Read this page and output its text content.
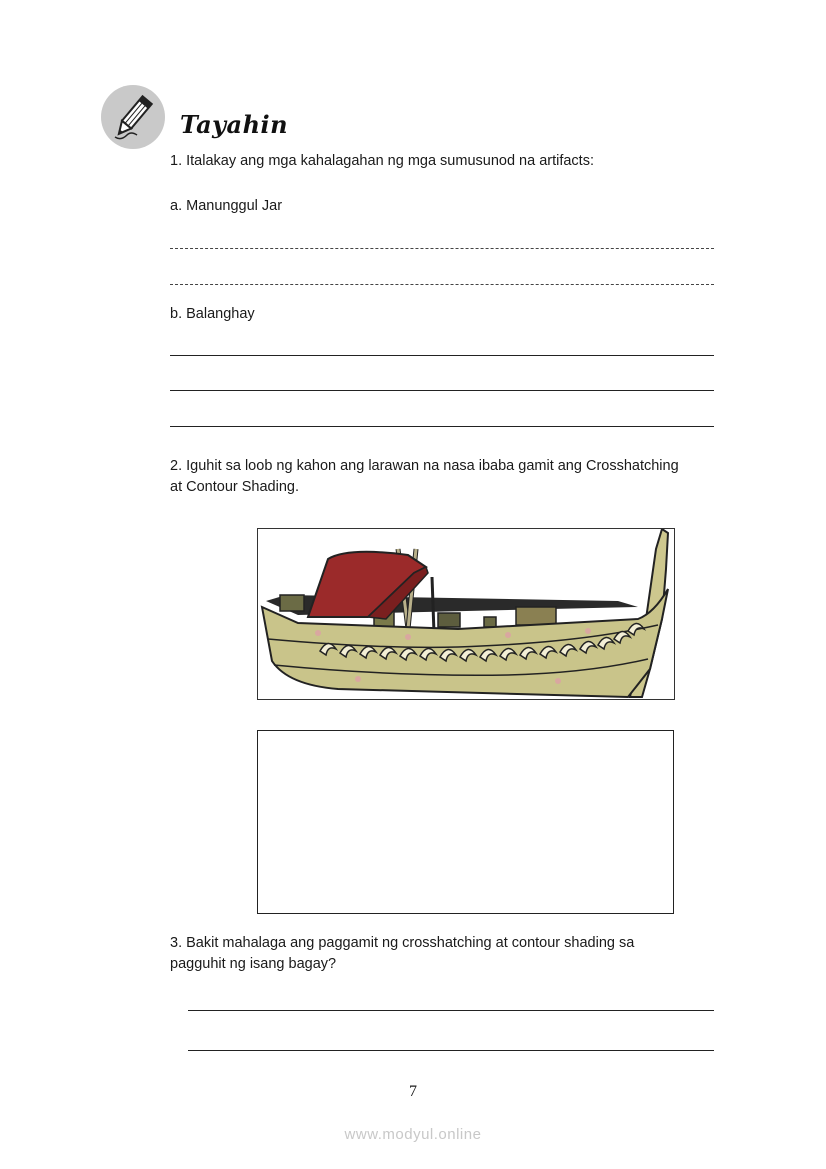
Tayahin
1. Italakay ang mga kahalagahan ng mga sumusunod na artifacts:
a. Manunggul Jar
b. Balanghay
2. Iguhit sa loob ng kahon ang larawan na nasa ibaba gamit ang Crosshatching
at Contour Shading.
3. Bakit mahalaga ang paggamit ng crosshatching at contour shading sa
pagguhit ng isang bagay?
7
www.modyul.online
